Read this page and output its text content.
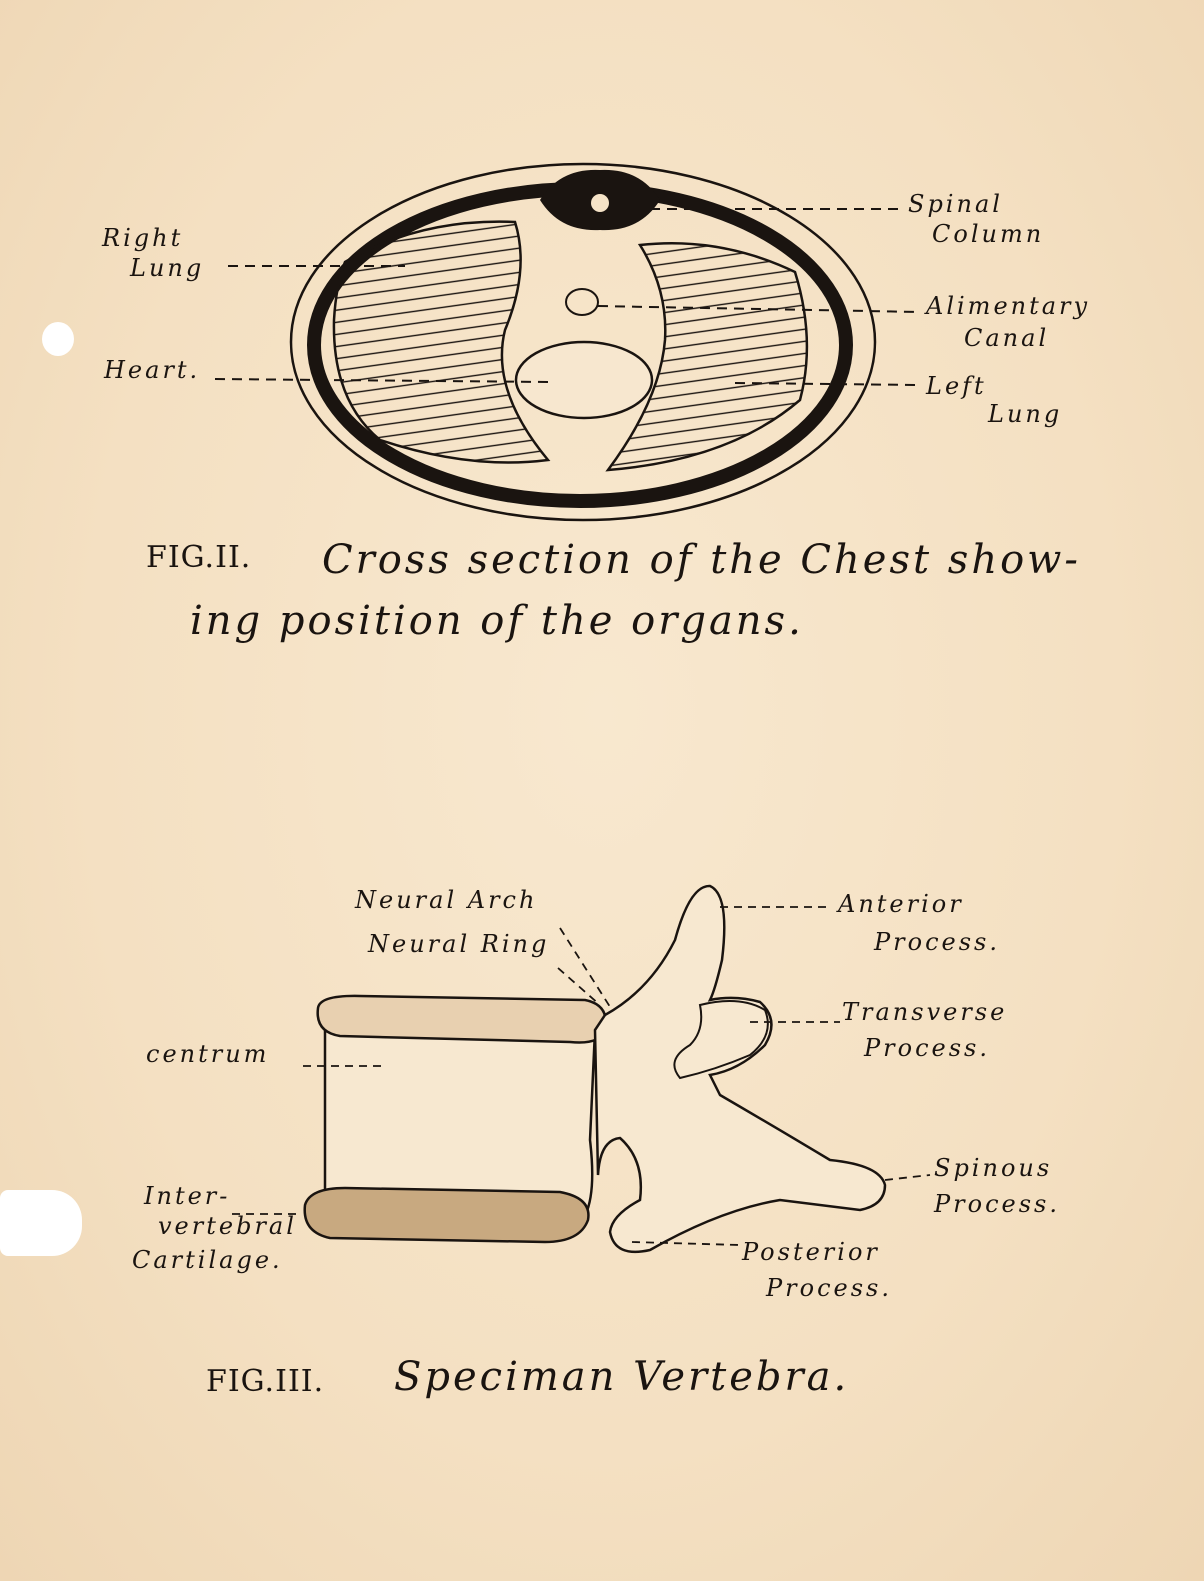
Right
Lung
Heart.
Spinal
Column
Alimentary
Canal
Left
Lung
FIG.II. Cross section of the Chest show-
ing position of the organs.
Neural Arch
Neural Ring
Anterior
Process.
Transverse
Process.
centrum
Spinous
Process.
Inter-
vertebral
Cartilage.	Posterior
Process.
FIG.III. Speciman Vertebra.
